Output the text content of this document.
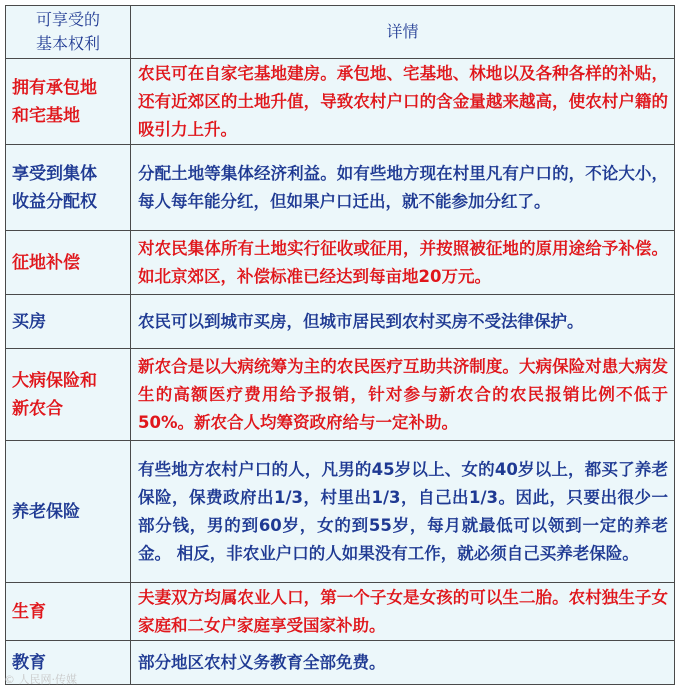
可享受的
基本权利	详情
拥有承包地
和宅基地	农民可在自家宅基地建房。承包地、宅基地、林地以及各种各样的补贴，还有近郊区的土地升值，导致农村户口的含金量越来越高，使农村户籍的吸引力上升。
享受到集体
收益分配权	分配土地等集体经济利益。如有些地方现在村里凡有户口的，不论大小，每人每年能分红，但如果户口迁出，就不能参加分红了。
征地补偿	对农民集体所有土地实行征收或征用，并按照被征地的原用途给予补偿。如北京郊区，补偿标准已经达到每亩地20万元。
买房	农民可以到城市买房，但城市居民到农村买房不受法律保护。
大病保险和
新农合	新农合是以大病统筹为主的农民医疗互助共济制度。大病保险对患大病发生的高额医疗费用给予报销，针对参与新农合的农民报销比例不低于50%。新农合人均筹资政府给与一定补助。
养老保险	有些地方农村户口的人，凡男的45岁以上、女的40岁以上，都买了养老保险，保费政府出1/3，村里出1/3，自己出1/3。因此，只要出很少一部分钱，男的到60岁，女的到55岁，每月就最低可以领到一定的养老金。 相反，非农业户口的人如果没有工作，就必须自己买养老保险。
生育	夫妻双方均属农业人口，第一个子女是女孩的可以生二胎。农村独生子女家庭和二女户家庭享受国家补助。
教育	部分地区农村义务教育全部免费。
© 人民网·传媒
